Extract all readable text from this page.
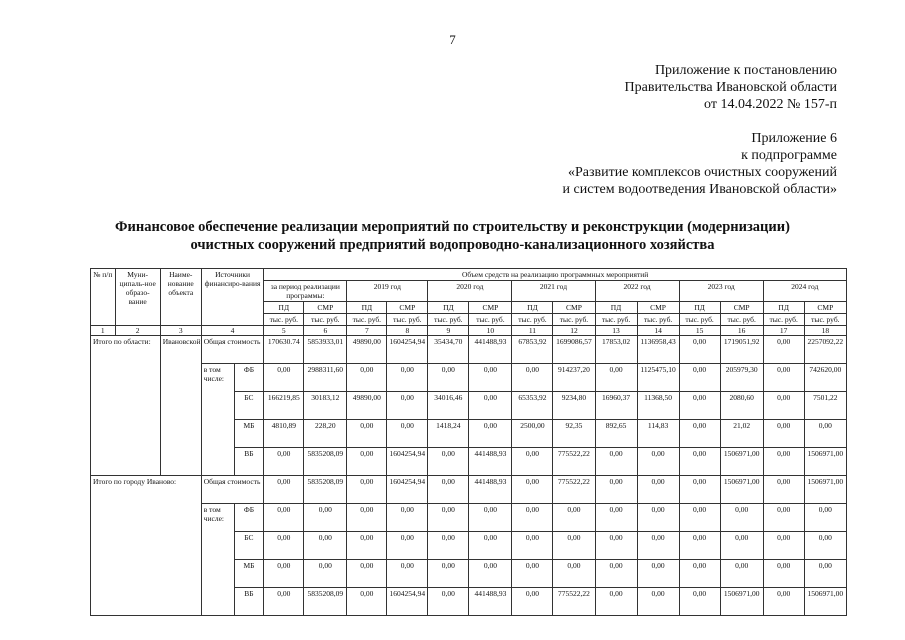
7
Приложение к постановлению
Правительства Ивановской области
от 14.04.2022 № 157-п
Приложение 6
к подпрограмме
«Развитие комплексов очистных сооружений
и систем водоотведения Ивановской области»
Финансовое обеспечение реализации мероприятий по строительству и реконструкции (модернизации)
очистных сооружений предприятий водопроводно-канализационного хозяйства
№ п/п	Муни-ципаль-ное образо-вание	Наиме-нование объекта	Источники финансиро-вания		Объем средств на реализацию программных мероприятий													
					за период реализации программы:		2019 год		2020 год		2021 год		2022 год		2023 год		2024 год	
					ПД	СМР	ПД	СМР	ПД	СМР	ПД	СМР	ПД	СМР	ПД	СМР	ПД	СМР
					тыс. руб.	тыс. руб.	тыс. руб.	тыс. руб.	тыс. руб.	тыс. руб.	тыс. руб.	тыс. руб.	тыс. руб.	тыс. руб.	тыс. руб.	тыс. руб.	тыс. руб.	тыс. руб.
1	2	3	4		5	6	7	8	9	10	11	12	13	14	15	16	17	18
Итого по области:		Ивановской	Общая стоимость		170630.74	5853933,01	49890,00	1604254,94	35434,70	441488,93	67853,92	1699086,57	17853,02	1136958,43	0,00	1719051,92	0,00	2257092,22
			в том числе:	ФБ	0,00	2988311,60	0,00	0,00	0,00	0,00	0,00	914237,20	0,00	1125475,10	0,00	205979,30	0,00	742620,00
				БС	166219,85	30183,12	49890,00	0,00	34016,46	0,00	65353,92	9234,80	16960,37	11368,50	0,00	2080,60	0,00	7501,22
				МБ	4810,89	228,20	0,00	0,00	1418,24	0,00	2500,00	92,35	892,65	114,83	0,00	21,02	0,00	0,00
				ВБ	0,00	5835208,09	0,00	1604254,94	0,00	441488,93	0,00	775522,22	0,00	0,00	0,00	1506971,00	0,00	1506971,00
Итого по городу Иваново:			Общая стоимость		0,00	5835208,09	0,00	1604254,94	0,00	441488,93	0,00	775522,22	0,00	0,00	0,00	1506971,00	0,00	1506971,00
			в том числе:	ФБ	0,00	0,00	0,00	0,00	0,00	0,00	0,00	0,00	0,00	0,00	0,00	0,00	0,00	0,00
				БС	0,00	0,00	0,00	0,00	0,00	0,00	0,00	0,00	0,00	0,00	0,00	0,00	0,00	0,00
				МБ	0,00	0,00	0,00	0,00	0,00	0,00	0,00	0,00	0,00	0,00	0,00	0,00	0,00	0,00
				ВБ	0,00	5835208,09	0,00	1604254,94	0,00	441488,93	0,00	775522,22	0,00	0,00	0,00	1506971,00	0,00	1506971,00
